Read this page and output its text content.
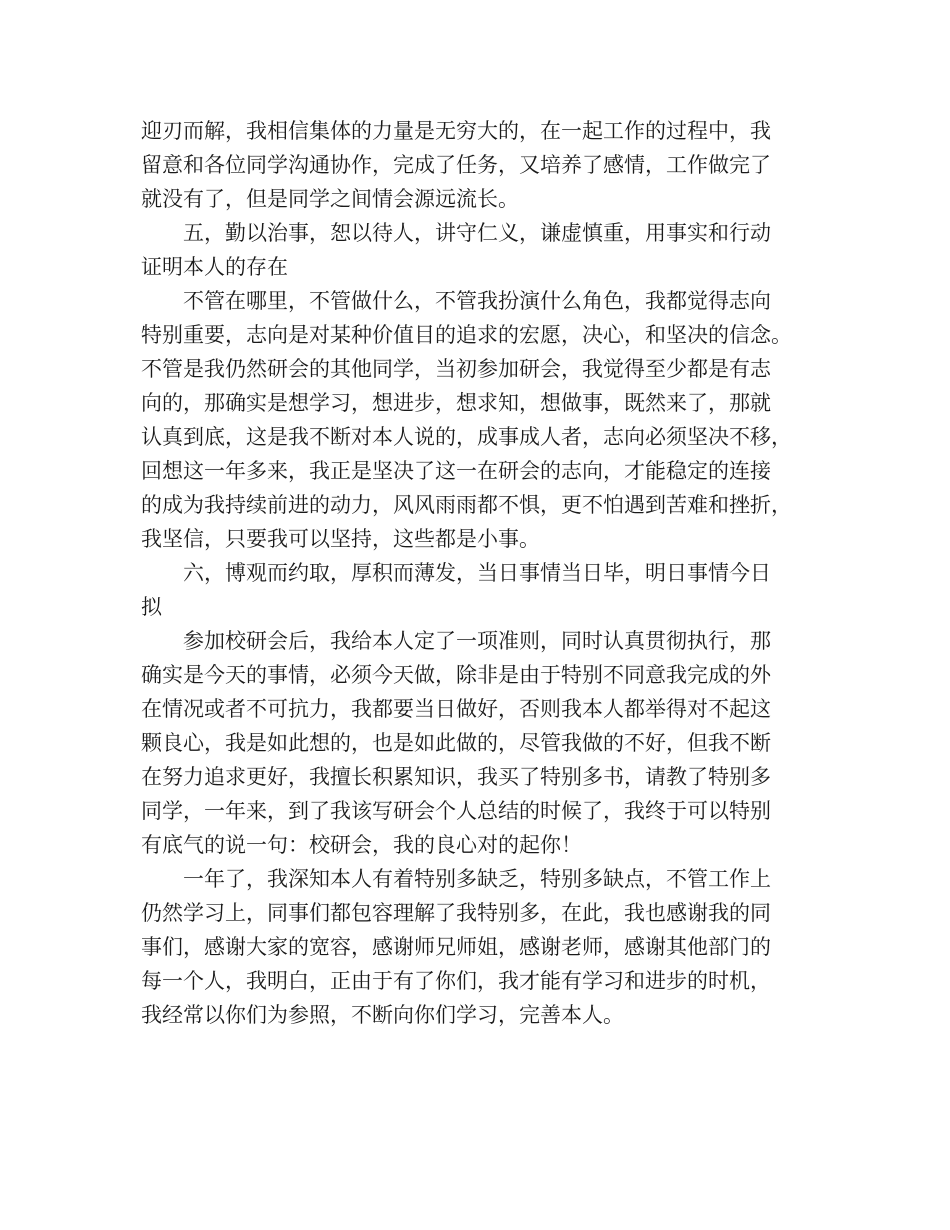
迎刃而解，我相信集体的力量是无穷大的，在一起工作的过程中，我
留意和各位同学沟通协作，完成了任务，又培养了感情，工作做完了
就没有了，但是同学之间情会源远流长。
五，勤以治事，恕以待人，讲守仁义，谦虚慎重，用事实和行动
证明本人的存在
不管在哪里，不管做什么，不管我扮演什么角色，我都觉得志向
特别重要，志向是对某种价值目的追求的宏愿，决心，和坚决的信念。
不管是我仍然研会的其他同学，当初参加研会，我觉得至少都是有志
向的，那确实是想学习，想进步，想求知，想做事，既然来了，那就
认真到底，这是我不断对本人说的，成事成人者，志向必须坚决不移，
回想这一年多来，我正是坚决了这一在研会的志向，才能稳定的连接
的成为我持续前进的动力，风风雨雨都不惧，更不怕遇到苦难和挫折，
我坚信，只要我可以坚持，这些都是小事。
六，博观而约取，厚积而薄发，当日事情当日毕，明日事情今日
拟
参加校研会后，我给本人定了一项准则，同时认真贯彻执行，那
确实是今天的事情，必须今天做，除非是由于特别不同意我完成的外
在情况或者不可抗力，我都要当日做好，否则我本人都举得对不起这
颗良心，我是如此想的，也是如此做的，尽管我做的不好，但我不断
在努力追求更好，我擅长积累知识，我买了特别多书，请教了特别多
同学，一年来，到了我该写研会个人总结的时候了，我终于可以特别
有底气的说一句：校研会，我的良心对的起你！
一年了，我深知本人有着特别多缺乏，特别多缺点，不管工作上
仍然学习上，同事们都包容理解了我特别多，在此，我也感谢我的同
事们，感谢大家的宽容，感谢师兄师姐，感谢老师，感谢其他部门的
每一个人，我明白，正由于有了你们，我才能有学习和进步的时机，
我经常以你们为参照，不断向你们学习，完善本人。
